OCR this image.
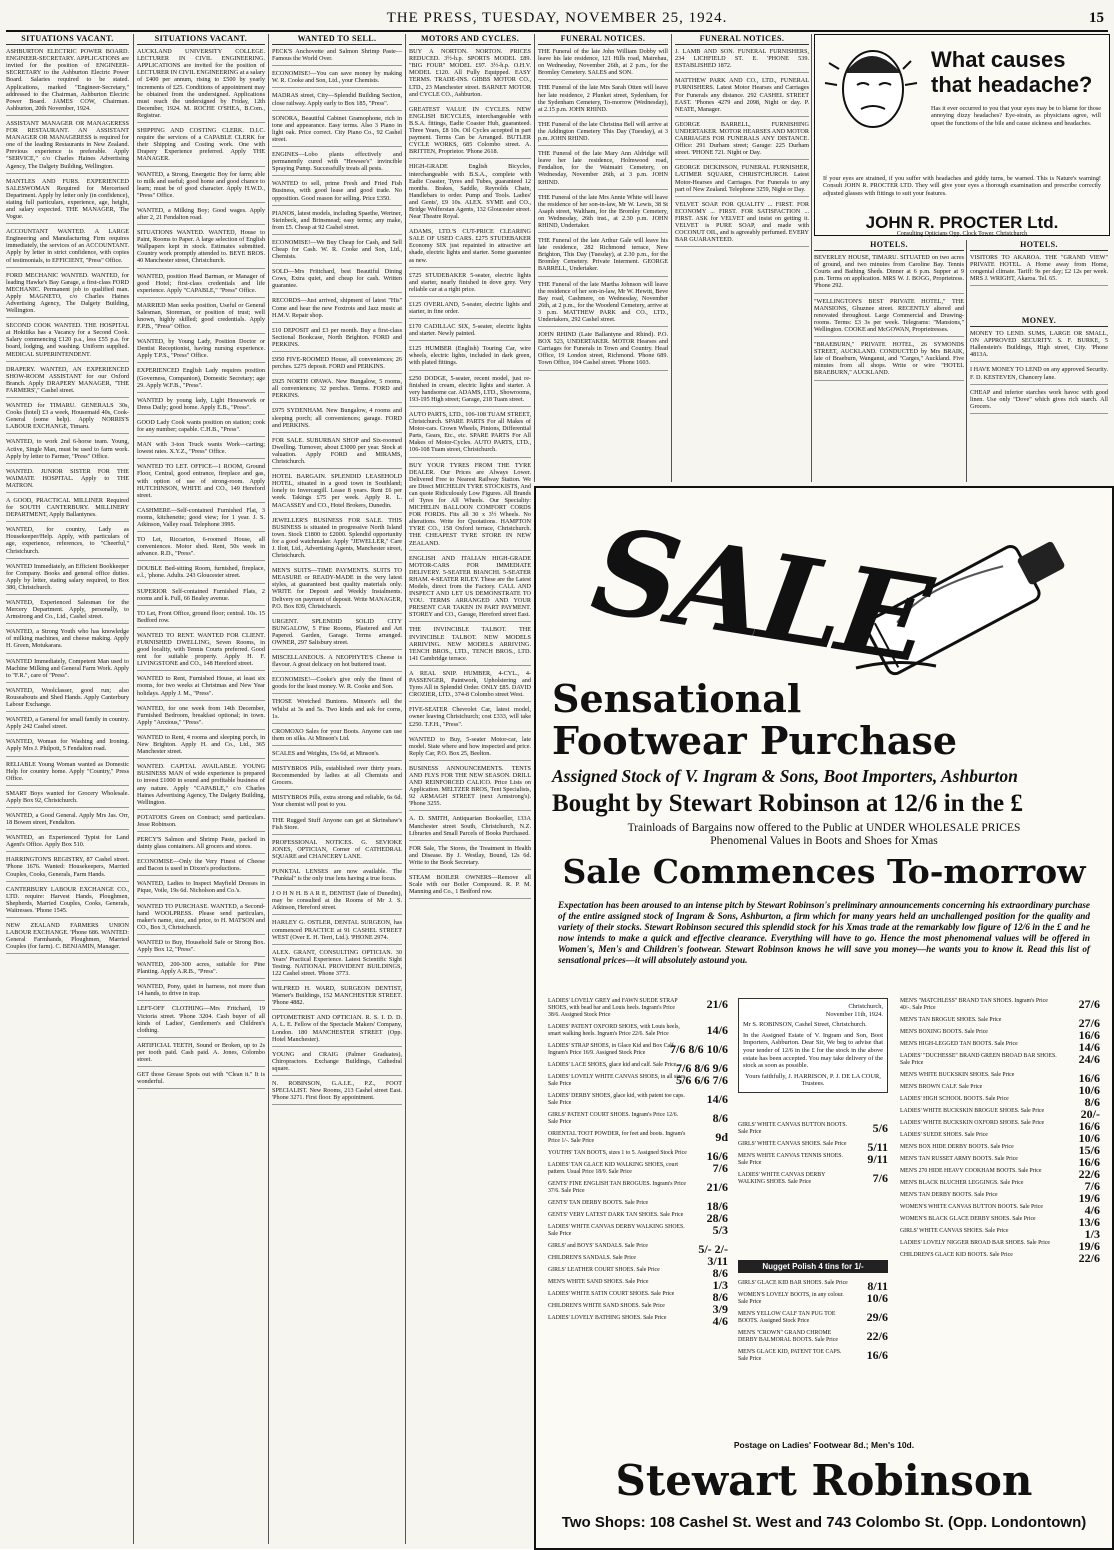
THE PRESS, TUESDAY, NOVEMBER 25, 1924.	15
SITUATIONS VACANT.
ASHBURTON ELECTRIC POWER BOARD. ENGINEER-SECRETARY. APPLICATIONS are invited for the position of ENGINEER-SECRETARY to the Ashburton Electric Power Board. Salaries required to be stated. Applications, marked "Engineer-Secretary," addressed to the Chairman, Ashburton Electric Power Board. JAMES COW, Chairman. Ashburton, 20th November, 1924.
ASSISTANT MANAGER OR MANAGERESS FOR RESTAURANT. AN ASSISTANT MANAGER OR MANAGERESS is required for one of the leading Restaurants in New Zealand. Previous experience is preferable. Apply "SERVICE," c/o Charles Haines Advertising Agency, The Dalgety Building, Wellington.
MANTLES AND FURS. EXPERIENCED SALESWOMAN Required for Mercerised Department. Apply by letter only (in confidence), stating full particulars, experience, age, height, and salary expected. THE MANAGER, The Vogue.
ACCOUNTANT WANTED. A LARGE Engineering and Manufacturing Firm requires immediately, the services of an ACCOUNTANT. Apply by letter in strict confidence, with copies of testimonials, to EFFICIENT, "Press" Office.
FORD MECHANIC WANTED. WANTED, for leading Hawke's Bay Garage, a first-class FORD MECHANIC. Permanent job to qualified man. Apply MAGNETO, c/o Charles Haines Advertising Agency, The Dalgety Building, Wellington.
SECOND COOK WANTED. THE HOSPITAL at Hokitika has a Vacancy for a Second Cook. Salary commencing £120 p.a., less £55 p.a. for board, lodging, and washing. Uniform supplied. MEDICAL SUPERINTENDENT.
DRAPERY. WANTED, AN EXPERIENCED SHOW-ROOM ASSISTANT for our Oxford Branch. Apply DRAPERY MANAGER, "THE FARMERS'," Cashel street.
WANTED for TIMARU. GENERALS 30s, Cooks (hotel) £3 a week, Housemaid 40s, Cook-General (some help). Apply NORRIS'S LABOUR EXCHANGE, Timaru.
WANTED, to work 2nd 6-horse team. Young, Active, Single Man, must be used to farm work. Apply by letter to Farmer, "Press" Office.
WANTED. JUNIOR SISTER FOR THE WAIMATE HOSPITAL. Apply to THE MATRON.
A GOOD, PRACTICAL MILLINER Required for SOUTH CANTERBURY. MILLINERY DEPARTMENT, Apply Ballantynes.
WANTED, for country, Lady as Housekeeper/Help. Apply, with particulars of age, experience, references, to "Cheerful," Christchurch.
WANTED Immediately, an Efficient Bookkeeper for Company. Books and general office duties. Apply by letter, stating salary required, to Box 380, Christchurch.
WANTED, Experienced Salesman for the Mercery Department. Apply, personally, to Armstrong and Co., Ltd., Cashel street.
WANTED, a Strong Youth who has knowledge of milking machines, and cheese making. Apply H. Green, Motukarara.
WANTED Immediately, Competent Man used to Machine Milking and General Farm Work. Apply to "F.R.", care of "Press".
WANTED, Woolclasser, good run; also Rouseabouts and Shed Hands. Apply Canterbury Labour Exchange.
WANTED, a General for small family in country. Apply 242 Cashel street.
WANTED, Woman for Washing and Ironing. Apply Mrs J. Philpott, 5 Fendalton road.
RELIABLE Young Woman wanted as Domestic Help for country home. Apply "Country," Press Office.
SMART Boys wanted for Grocery Wholesale. Apply Box 92, Christchurch.
WANTED, a Good General. Apply Mrs Jas. Orr, 18 Bowen street, Fendalton.
WANTED, an Experienced Typist for Land Agent's Office. Apply Box 510.
HARRINGTON'S REGISTRY, 87 Cashel street. 'Phone 1676. Wanted: Housekeepers, Married Couples, Cooks, Generals, Farm Hands.
CANTERBURY LABOUR EXCHANGE CO., LTD. require: Harvest Hands, Ploughmen, Shepherds, Married Couples, Cooks, Generals, Waitresses. 'Phone 1545.
NEW ZEALAND FARMERS UNION LABOUR EXCHANGE. 'Phone 686. WANTED: General Farmhands, Ploughmen, Married Couples (for farm). C. BENJAMIN, Manager.
SITUATIONS VACANT.
AUCKLAND UNIVERSITY COLLEGE. LECTURER IN CIVIL ENGINEERING. APPLICATIONS are invited for the position of LECTURER IN CIVIL ENGINEERING at a salary of £400 per annum, rising to £500 by yearly increments of £25. Conditions of appointment may be obtained from the undersigned. Applications must reach the undersigned by Friday, 12th December, 1924. M. ROCHE O'SHEA, B.Com., Registrar.
SHIPPING AND COSTING CLERK. D.I.C. require the services of a CAPABLE CLERK for their Shipping and Costing work. One with Drapery Experience preferred. Apply THE MANAGER.
WANTED, a Strong, Energetic Boy for farm; able to milk and useful; good home and good chance to learn; must be of good character. Apply H.W.D., "Press" Office.
WANTED, a Milking Boy; Good wages. Apply after 2, 21 Fendalton road.
SITUATIONS WANTED. WANTED, House to Paint, Rooms to Paper. A large selection of English Wallpapers kept in stock. Estimates submitted. Country work promptly attended to. BEYE BROS. 40 Manchester street, Christchurch.
WANTED, position Head Barman, or Manager of good Hotel; first-class credentials and life experience. Apply "CAPABLE," "Press" Office.
MARRIED Man seeks position, Useful or General Salesman, Storeman, or position of trust; well known, highly skilled; good credentials. Apply F.P.B., "Press" Office.
WANTED, by Young Lady, Position Doctor or Dentist Receptionist, having nursing experience. Apply T.P.S., "Press" Office.
EXPERIENCED English Lady requires position (Governess, Companion), Domestic Secretary; age 29. Apply W.F.B., "Press".
WANTED by young lady, Light Housework or Dress Daily; good home. Apply E.B., "Press".
GOOD Lady Cook wants position on station; cook for any number; capable. C.H.B., "Press".
MAN with 3-ton Truck wants Work—carting; lowest rates. X.Y.Z., "Press" Office.
WANTED TO LET. OFFICE—1 ROOM, Ground Floor, Central, good entrance, fireplace and gas, with option of use of strong-room. Apply HUTCHINSON, WHITE and CO., 149 Hereford street.
CASHMERE—Self-contained Furnished Flat, 3 rooms, kitchenette; good view; for 1 year. J. S. Atkinson, Valley road. Telephone 3995.
TO Let, Riccarton, 6-roomed House, all conveniences. Motor shed. Rent, 50s week in advance. R.D., "Press".
DOUBLE Bed-sitting Room, furnished, fireplace, e.l., 'phone. Adults. 243 Gloucester street.
SUPERIOR Self-contained Furnished Flats, 2 rooms and k. Full, 66 Bealey avenue.
TO Let, Front Office, ground floor; central. 10s. 15 Bedford row.
WANTED TO RENT. WANTED FOR CLIENT. FURNISHED DWELLING, Seven Rooms, in good locality, with Tennis Courts preferred. Good rent for suitable property. Apply H. F. LIVINGSTONE and CO., 148 Hereford street.
WANTED to Rent, Furnished House, at least six rooms, for two weeks at Christmas and New Year holidays. Apply J. M., "Press".
WANTED, for one week from 14th December, Furnished Bedroom, breakfast optional; in town. Apply "Anxious," "Press".
WANTED to Rent, 4 rooms and sleeping porch, in New Brighton. Apply H. and Co., Ltd., 365 Manchester street.
WANTED. CAPITAL AVAILABLE. YOUNG BUSINESS MAN of wide experience is prepared to invest £1000 in sound and profitable business of any nature. Apply "CAPABLE," c/o Charles Haines Advertising Agency, The Dalgety Building, Wellington.
POTATOES Green on Contract; send particulars. Jesse Robinson.
PERCY'S Salmon and Shrimp Paste, packed in dainty glass containers. All grocers and stores.
ECONOMISE—Only the Very Finest of Cheese and Bacon is used in Dixon's productions.
WANTED, Ladies to Inspect Mayfield Dresses in Pique, Voile, 19s 6d. Nicholson and Co.'s.
WANTED TO PURCHASE. WANTED, a Second-hand WOOLPRESS. Please send particulars, maker's name, size, and price, to H. MATSON and CO., Box 3, Christchurch.
WANTED to Buy, Household Safe or Strong Box. Apply Box 12, "Press".
WANTED, 200-300 acres, suitable for Pine Planting. Apply A.R.B., "Press".
WANTED, Pony, quiet in harness, not more than 14 hands, to drive in trap.
LEFT-OFF CLOTHING—Mrs Fritchard, 19 Victoria street. 'Phone 3204. Cash buyer of all kinds of Ladies', Gentlemen's and Children's clothing.
ARTIFICIAL TEETH, Sound or Broken, up to 2s per tooth paid. Cash paid. A. Jones, Colombo street.
GET those Grease Spots out with "Clean it." It is wonderful.
WANTED TO SELL.
PECK'S Anchovette and Salmon Shrimp Paste—Famous the World Over.
ECONOMISE!—You can save money by making W. R. Cooke and Son, Ltd., your Chemists.
MADRAS street, City—Splendid Building Section, close railway. Apply early to Box 185, "Press".
SONORA, Beautiful Cabinet Gramophone, rich in tone and appearance. Easy terms. Also 3 Piano in light oak. Price correct. City Piano Co., 92 Cashel street.
ENGINES—Lobo plants effectively and permanently cured with "Hewsee's" invincible Spraying Pump. Successfully treats all pests.
WANTED to sell, prime Fresh and Fried Fish Business, with good lease and good trade. No opposition. Good reason for selling. Price £350.
PIANOS, latest models, including Spaethe, Wertner, Steinbeck, and Brinsmead; easy terms; any make, from £5. Cheap at 92 Cashel street.
ECONOMISE!—We Buy Cheap for Cash, and Sell Cheap for Cash. W. R. Cooke and Son, Ltd., Chemists.
SOLD—Mrs Frittchard, best Beautiful Dining Cows, Extra quiet, and cheap for cash. Written guarantee.
RECORDS—Just arrived, shipment of latest "His" Come and hear the new Foxtrots and Jazz music at H.M.V. Repair shop.
£10 DEPOSIT and £3 per month. Buy a first-class Sectional Bookcase, North Brighton. FORD and PERKINS.
£950 FIVE-ROOMED House, all conveniences; 26 perches. £275 deposit. FORD and PERKINS.
£925 NORTH OPAWA. New Bungalow, 5 rooms, all conveniences; 32 perches. Terms. FORD and PERKINS.
£975 SYDENHAM. New Bungalow, 4 rooms and sleeping porch; all conveniences; garage. FORD and PERKINS.
FOR SALE. SUBURBAN SHOP and Six-roomed Dwelling. Turnover, about £3000 per year. Stock at valuation. Apply FORD and MIRAMS, Christchurch.
HOTEL BARGAIN. SPLENDID LEASEHOLD HOTEL, situated in a good town in Southland; lonely to Invercargill. Lease 8 years. Rent £6 per week. Takings £75 per week. Apply R. L. MACASSEY and CO., Hotel Brokers, Dunedin.
JEWELLER'S BUSINESS FOR SALE. THIS BUSINESS is situated in progressive North Island town. Stock £1800 to £2000. Splendid opportunity for a good watchmaker. Apply "JEWELLER," Care J. Ilott, Ltd., Advertising Agents, Manchester street, Christchurch.
MEN'S SUITS—TIME PAYMENTS. SUITS TO MEASURE or READY-MADE in the very latest styles, at guaranteed best quality materials only. WRITE for Deposit and Weekly Instalments. Delivery on payment of deposit. Write MANAGER, P.O. Box 839, Christchurch.
URGENT. SPLENDID SOLID CITY BUNGALOW, 5 Fine Rooms, Plastered and Art Papered. Garden, Garage. Terms arranged. OWNER, 297 Salisbury street.
MISCELLANEOUS. A NEOPHYTE'S Cheese is flavour. A great delicacy on hot buttered toast.
ECONOMISE!—Cooke's give only the finest of goods for the least money. W. R. Cooke and Son.
THOSE Wretched Bunions. Minson's sell the Whilst at 3s and 5s. Two kinds and ask for corns, 1s.
CROMOXO Sales for your Boots. Anyone can use them on silks. At Minson's Ltd.
SCALES and Weights, 15s 6d, at Minson's.
MISTYBROS Pills, established over thirty years. Recommended by ladies at all Chemists and Grocers.
MISTYBROS Pills, extra strong and reliable, 6s 6d. Your chemist will post to you.
THE Rugged Stuff Anyone can get at Skrinshaw's Fish Store.
PROFESSIONAL NOTICES. G. SEVIOKE JONES, OPTICIAN, Corner of CATHEDRAL SQUARE and CHANCERY LANE.
PUNKTAL LENSES are now available. The "Punktal" is the only true lens having a true focus.
J O H N H. B A R E, DENTIST (late of Dunedin), may be consulted at the Rooms of Mr J. S. Atkinson, Hereford street.
HARLEY G. OSTLER, DENTAL SURGEON, has commenced PRACTICE at 91 CASHEL STREET WEST (Over E. H. Terri, Ltd.). 'PHONE 2974.
ALEX. GRANT, CONSULTING OPTICIAN. 30 Years' Practical Experience. Latest Scientific Sight Testing. NATIONAL PROVIDENT BUILDINGS, 122 Cashel street. 'Phone 3773.
WILFRED H. WARD, SURGEON DENTIST, Warner's Buildings, 152 MANCHESTER STREET. 'Phone 4882.
OPTOMETRIST AND OPTICIAN. R. S. I. D. D. A. L. E. Fellow of the Spectacle Makers' Company, London. 180 MANCHESTER STREET (Opp. Hotel Manchester).
YOUNG and CRAIG (Palmer Graduates), Chiropractors. Exchange Buildings, Cathedral square.
N. ROBINSON, G.A.I.E., P.Z., FOOT SPECIALIST. New Rooms, 213 Cashel street East. 'Phone 3271. First floor. By appointment.
MOTORS AND CYCLES.
BUY A NORTON. NORTON. PRICES REDUCED. 3½-h.p. SPORTS MODEL £89. "BIG FOUR" MODEL £97. 3½-h.p. O.H.V. MODEL £120. All Fully Equipped. EASY TERMS. TRADE-INS. GIBBS MOTOR CO., LTD., 23 Manchester street. BARNET MOTOR and CYCLE CO., Ashburton.
GREATEST VALUE IN CYCLES. NEW ENGLISH BICYCLES, interchangeable with B.S.A. fittings, Eadie Coaster Hub, guaranteed. Three Years, £8 10s. Oil Cycles accepted in part payment. Terms Can be Arranged. BUTLER CYCLE WORKS, 685 Colombo street. A. BRITTEN, Proprietor. 'Phone 2618.
HIGH-GRADE English Bicycles, interchangeable with B.S.A., complete with Eadie Coaster, Tyres and Tubes, guaranteed 12 months. Brakes, Saddle, Reynolds Chain, Handlebars to order. Pump and Tools. Ladies' and Gents', £9 10s. ALEX. SYME and CO., Bridge Wolferstan Agents, 132 Gloucester street. Near Theatre Royal.
ADAMS, LTD.'S CUT-PRICE CLEARING SALE OF USED CARS. £275 STUDEBAKER Economy SIX just repainted in attractive art shade, electric lights and starter. Some guarantee as new.
£725 STUDEBAKER 5-seater, electric lights and starter, nearly finished in dove grey. Very reliable car at a right price.
£125 OVERLAND, 5-seater, electric lights and starter, in fine order.
£170 CADILLAC SIX, 5-seater, electric lights and starter. Newly painted.
£125 HUMBER (English) Touring Car, wire wheels, electric lights, included in dark green, with plated fittings.
£250 DODGE, 5-seater, recent model, just re-finished in cream, electric lights and starter. A very handsome car. ADAMS, LTD., Showrooms, 193-195 High street; Garage, 218 Tuam street.
AUTO PARTS, LTD., 106-108 TUAM STREET, Christchurch. SPARE PARTS For all Makes of Motor-cars. Crown Wheels, Pinions, Differential Parts, Gears, Etc., etc. SPARE PARTS For All Makes of Motor-Cycles. AUTO PARTS, LTD., 106-108 Tuam street, Christchurch.
BUY YOUR TYRES FROM THE TYRE DEALER. Our Prices are Always Lower. Delivered Free to Nearest Railway Station. We are Direct MICHELIN TYRE STOCKISTS, And can quote Ridiculously Low Figures. All Brands of Tyres for All Wheels. Our Speciality: MICHELIN BALLOON COMFORT CORDS FOR FORDS. Fits all 30 x 3½ Wheels. No alterations. Write for Quotations. HAMPTON TYRE CO., 158 Oxford terrace, Christchurch. THE CHEAPEST TYRE STORE IN NEW ZEALAND.
ENGLISH AND ITALIAN HIGH-GRADE MOTOR-CARS FOR IMMEDIATE DELIVERY. 5-SEATER BIANCHI. 5-SEATER RHAM. 4-SEATER RILEY. These are the Latest Models, direct from the Factory. CALL AND INSPECT AND LET US DEMONSTRATE TO YOU. TERMS ARRANGED AND YOUR PRESENT CAR TAKEN IN PART PAYMENT. STOREY and CO., Garage, Hereford street East.
THE INVINCIBLE TALBOT. THE INVINCIBLE TALBOT. NEW MODELS ARRIVING. NEW MODELS ARRIVING. TENCH BROS., LTD., TENCH BROS., LTD. 141 Cambridge terrace.
A REAL SNIP. HUMBER, 4-CYL., 4-PASSENGER, Paintwork, Upholstering and Tyres All in Splendid Order. ONLY £85. DAVID CROZIER, LTD., 374-8 Colombo street West.
FIVE-SEATER Chevrolet Car, latest model, owner leaving Christchurch; cost £333, will take £250. T.F.H., "Press".
WANTED to Buy, 5-seater Motor-car, late model. State where and how inspected and price. Reply Car, P.O. Box 25, Beelton.
BUSINESS ANNOUNCEMENTS. TENTS AND FLYS FOR THE NEW SEASON. DRILL AND REINFORCED CALICO. Price Lists on Application. MELTZER BROS, Tent Specialists, 92 ARMAGH STREET (next Armstrong's). 'Phone 3255.
A. D. SMITH, Antiquarian Bookseller, 133A Manchester street South, Christchurch, N.Z. Libraries and Small Parcels of Books Purchased.
FOR Sale, The Stores, the Treatment in Health and Disease. By J. Westlay, Bound, 12s 6d. Write to the Book Secretary.
STEAM BOILER OWNERS—Remove all Scale with our Boiler Compound. R. P. M. Manning and Co., 1 Bedford row.
FUNERAL NOTICES.
THE Funeral of the late John William Dobby will leave his late residence, 121 Hills road, Mairehau, on Wednesday, November 26th, at 2 p.m., for the Bromley Cemetery. SALES and SON.
THE Funeral of the late Mrs Sarah Otten will leave her late residence, 2 Plunket street, Sydenham, for the Sydenham Cemetery, To-morrow (Wednesday), at 2.15 p.m. JOHN RHIND.
THE Funeral of the late Christina Bell will arrive at the Addington Cemetery This Day (Tuesday), at 3 p.m. JOHN RHIND.
THE Funeral of the late Mary Ann Aldridge will leave her late residence, Holmwood road, Fendalton, for the Waimairi Cemetery, on Wednesday, November 26th, at 3 p.m. JOHN RHIND.
THE Funeral of the late Mrs Annie White will leave the residence of her son-in-law, Mr W. Lewis, 38 St Asaph street, Waltham, for the Bromley Cemetery, on Wednesday, 26th inst., at 2.30 p.m. JOHN RHIND, Undertaker.
THE Funeral of the late Arthur Gale will leave his late residence, 282 Richmond terrace, New Brighton, This Day (Tuesday), at 2.30 p.m., for the Bromley Cemetery. Private Interment. GEORGE BARRELL, Undertaker.
THE Funeral of the late Martha Johnson will leave the residence of her son-in-law, Mr W. Hewitt, Beve Bay road, Cashmere, on Wednesday, November 26th, at 2 p.m., for the Woodend Cemetery, arrive at 3 p.m. MATTHEW PARK and CO., LTD., Undertakers, 292 Cashel street.
JOHN RHIND (Late Ballantyne and Rhind). P.O. BOX 523, UNDERTAKER. MOTOR Hearses and Carriages for Funerals in Town and Country. Head Office, 19 London street, Richmond. 'Phone 689. Town Office, 104 Cashel street. 'Phone 1603.
FUNERAL NOTICES.
J. LAMB AND SON. FUNERAL FURNISHERS, 234 LICHFIELD ST. E. 'PHONE 539. ESTABLISHED 1872.
MATTHEW PARK AND CO., LTD., FUNERAL FURNISHERS. Latest Motor Hearses and Carriages For Funerals any distance. 292 CASHEL STREET EAST. 'Phones 4279 and 2098, Night or day. P. NEATE, Manager.
GEORGE BARRELL, FURNISHING UNDERTAKER. MOTOR HEARSES AND MOTOR CARRIAGES FOR FUNERALS ANY DISTANCE. Office: 291 Durham street; Garage: 225 Durham street. 'PHONE 721. Night or Day.
GEORGE DICKINSON, FUNERAL FURNISHER, LATIMER SQUARE, CHRISTCHURCH. Latest Motor-Hearses and Carriages. For Funerals to any part of New Zealand. Telephone 3259, Night or Day.
VELVET SOAP. FOR QUALITY ... FIRST. FOR ECONOMY ... FIRST. FOR SATISFACTION ... FIRST. ASK for VELVET and insist on getting it. VELVET is PURE SOAP, and made with COCONUT OIL, and is agreeably perfumed. EVERY BAR GUARANTEED.
What causes that headache?
Has it ever occurred to you that your eyes may be to blame for those annoying dizzy headaches? Eye-strain, as physicians agree, will upset the functions of the bile and cause sickness and headaches.
If your eyes are strained, if you suffer with headaches and giddy turns, be warned. This is Nature's warning! Consult JOHN R. PROCTER LTD. They will give your eyes a thorough examination and prescribe correctly adjusted glasses with fittings to suit your features.
JOHN R. PROCTER Ltd.
Consulting Opticians Opp. Clock Tower, Christchurch
HOTELS.
BEVERLEY HOUSE, TIMARU. SITUATED on two acres of ground, and two minutes from Caroline Bay. Tennis Courts and Bathing Sheds. Dinner at 6 p.m. Supper at 9 p.m. Terms on application. MRS W. J. BOGG, Proprietress. 'Phone 292.
"WELLINGTON'S BEST PRIVATE HOTEL," THE MANSIONS, Ghuznee street. RECENTLY altered and renovated throughout. Large Commercial and Drawing-rooms. Terms: £3 3s per week. Telegrams: "Mansions," Wellington. COOKE and McGOWAN, Proprietresses.
"BRAEBURN," PRIVATE HOTEL, 26 SYMONDS STREET, AUCKLAND. CONDUCTED by Mrs BRAIK, late of Braeburn, Wanganui, and "Carges," Auckland. Five minutes from all shops. Write or wire "HOTEL BRAEBURN," AUCKLAND.
HOTELS.
VISITORS TO AKAROA. THE "GRAND VIEW" PRIVATE HOTEL. A Home away from Home, congenial climate. Tariff: 9s per day; £2 12s per week. MRS J. WRIGHT, Akaroa. Tel. 65.
MONEY.
MONEY TO LEND. SUMS, LARGE OR SMALL, ON APPROVED SECURITY. S. F. BURKE, 5 Hallenstein's Buildings, High street, City. 'Phone 4813A.
I HAVE MONEY TO LEND on any approved Security. F. D. KESTEVEN, Chancery lane.
CHEAP and inferior starches work havoc with good linen. Use only "Dove" which gives rich starch. All Grocers.
SALE
Sensational
Footwear Purchase
Assigned Stock of V. Ingram & Sons, Boot Importers, Ashburton
Bought by Stewart Robinson at 12/6 in the £
Trainloads of Bargains now offered to the Public at UNDER WHOLESALE PRICES
Phenomenal Values in Boots and Shoes for Xmas
Sale Commences To-morrow
Expectation has been aroused to an intense pitch by Stewart Robinson's preliminary announcements concerning his extraordinary purchase of the entire assigned stock of Ingram & Sons, Ashburton, a firm which for many years held an unchallenged position for the quality and variety of their stocks. Stewart Robinson secured this splendid stock for his Xmas trade at the remarkably low figure of 12/6 in the £ and he now intends to make a quick and effective clearance. Everything will have to go. Hence the most phenomenal values will be offered in Women's, Men's and Children's footwear. Stewart Robinson knows he will save you money—he wants you to know it. Read this list of sensational prices—it will absolutely astound you.
LADIES' LOVELY GREY and FAWN SUEDE STRAP SHOES, with bead bar and Louis heels. Ingram's Price 38/6. Assigned Stock Price
21/6
LADIES' PATENT OXFORD SHOES, with Louis heels, smart walking heels. Ingram's Price 22/6. Sale Price	14/6
LADIES' STRAP SHOES, in Glace Kid and Box Calf. Ingram's Price 16/9. Assigned Stock Price 7/6 8/6 10/6
LADIES' LACE SHOES, glace kid and calf. Sale Price 7/6 8/6 9/6
LADIES' LOVELY WHITE CANVAS SHOES, in all sizes. Sale Price	5/6 6/6 7/6
LADIES' DERBY SHOES, glace kid, with patent toe caps. Sale Price	14/6
GIRLS' PATENT COURT SHOES. Ingram's Price 12/6. Sale Price	8/6
ORIENTAL TOOT POWDER, for feet and boots. Ingram's Price 1/-. Sale Price	9d
YOUTHS' TAN BOOTS, sizes 1 to 5. Assigned Stock Price 16/6
LADIES' TAN GLACE KID WALKING SHOES, court pattern. Usual Price 18/9. Sale Price	7/6
GENTS' FINE ENGLISH TAN BROGUES. Ingram's Price 37/6. Sale Price	21/6
GENTS' TAN DERBY BOOTS. Sale Price	18/6
GENTS' VERY LATEST DARK TAN SHOES. Sale Price 28/6
LADIES' WHITE CANVAS DERBY WALKING SHOES. Sale Price	5/3
GIRLS' and BOYS' SANDALS. Sale Price	5/- 2/-
CHILDREN'S SANDALS. Sale Price	3/11
GIRLS' LEATHER COURT SHOES. Sale Price	8/6
MEN'S WHITE SAND SHOES. Sale Price	1/3
LADIES' WHITE SATIN COURT SHOES. Sale Price	8/6
CHILDREN'S WHITE SAND SHOES. Sale Price	3/9
LADIES' LOVELY BATHING SHOES. Sale Price	4/6
Christchurch,
November 11th, 1924.
Mr S. ROBINSON, Cashel Street, Christchurch.
In the Assigned Estate of V. Ingram and Son, Boot Importers, Ashburton. Dear Sir, We beg to advise that your tender of 12/6 in the £ for the stock in the above estate has been accepted. You may take delivery of the stock as soon as possible.
Yours faithfully, J. HARRISON, P. J. DE LA COUR, Trustees.
GIRLS' WHITE CANVAS BUTTON BOOTS. Sale Price	5/6
GIRLS' WHITE CANVAS SHOES. Sale Price 5/11
MEN'S WHITE CANVAS TENNIS SHOES. Sale Price	9/11
LADIES' WHITE CANVAS DERBY WALKING SHOES. Sale Price	7/6
Nugget Polish 4 tins for 1/-
GIRLS' GLACE KID BAR SHOES. Sale Price 8/11
WOMEN'S LOVELY BOOTS, in any colour. Sale Price	10/6
MEN'S YELLOW CALF TAN PUG TOE BOOTS. Assigned Stock Price	29/6
MEN'S "CROWN" GRAND CHROME DERBY BALMORAL BOOTS. Sale Price 22/6
MEN'S GLACE KID, PATENT TOE CAPS. Sale Price	16/6
MEN'S "MATCHLESS" BRAND TAN SHOES. Ingram's Price 40/-. Sale Price	27/6
MEN'S TAN BROGUE SHOES. Sale Price	27/6
MEN'S BOXING BOOTS. Sale Price	16/6
MEN'S HIGH-LEGGED TAN BOOTS. Sale Price	14/6
LADIES' "DUCHESSE" BRAND GREEN BROAD BAR SHOES. Sale Price	24/6
MEN'S WHITE BUCKSKIN SHOES. Sale Price	16/6
MEN'S BROWN CALF. Sale Price	10/6
LADIES' HIGH SCHOOL BOOTS. Sale Price	8/6
LADIES' WHITE BUCKSKIN BROGUE SHOES. Sale Price	20/-
LADIES' WHITE BUCKSKIN OXFORD SHOES. Sale Price	16/6
LADIES' SUEDE SHOES. Sale Price	10/6
MEN'S BOX HIDE DERBY BOOTS. Sale Price	15/6
MEN'S TAN RUSSET ARMY BOOTS. Sale Price	16/6
MEN'S 270 HIDE HEAVY COOKHAM BOOTS. Sale Price	22/6
MEN'S BLACK BLUCHER LEGGINGS. Sale Price	7/6
MEN'S TAN DERBY BOOTS. Sale Price	19/6
WOMEN'S WHITE CANVAS BUTTON BOOTS. Sale Price	4/6
WOMEN'S BLACK GLACE DERBY SHOES. Sale Price	13/6
GIRLS' WHITE CANVAS SHOES. Sale Price	1/3
LADIES' LOVELY NIGGER BROAD BAR SHOES. Sale Price 19/6
CHILDREN'S GLACE KID BOOTS. Sale Price	22/6
Postage on Ladies' Footwear 8d.; Men's 10d.
Stewart Robinson
Two Shops: 108 Cashel St. West and 743 Colombo St. (Opp. Londontown)
